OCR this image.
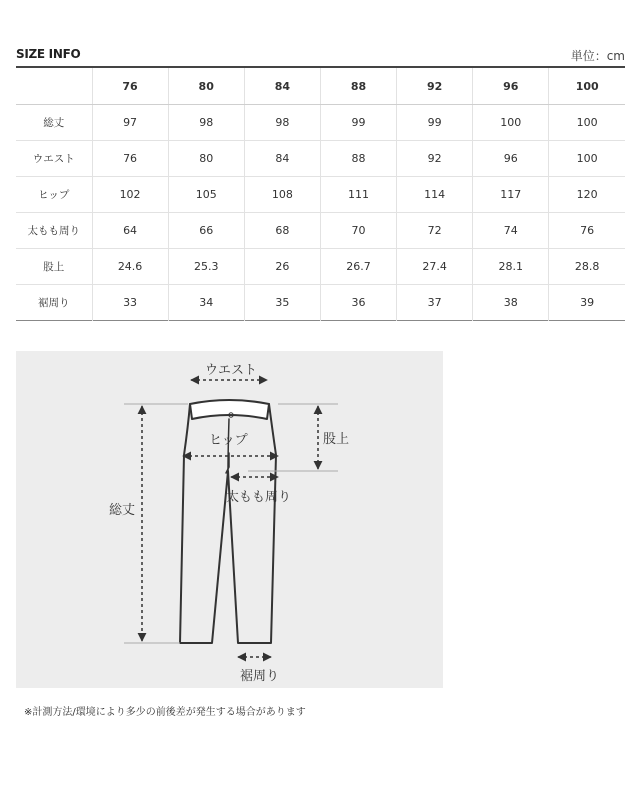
SIZE INFO	単位：cm
	76	80	84	88	92	96	100
総丈	97	98	98	99	99	100	100
ウエスト	76	80	84	88	92	96	100
ヒップ	102	105	108	111	114	117	120
太もも周り	64	66	68	70	72	74	76
股上	24.6	25.3	26	26.7	27.4	28.1	28.8
裾周り	33	34	35	36	37	38	39
ウエスト
ヒップ	股上
総丈
太もも周り
裾周り
※計測方法/環境により多少の前後差が発生する場合があります
